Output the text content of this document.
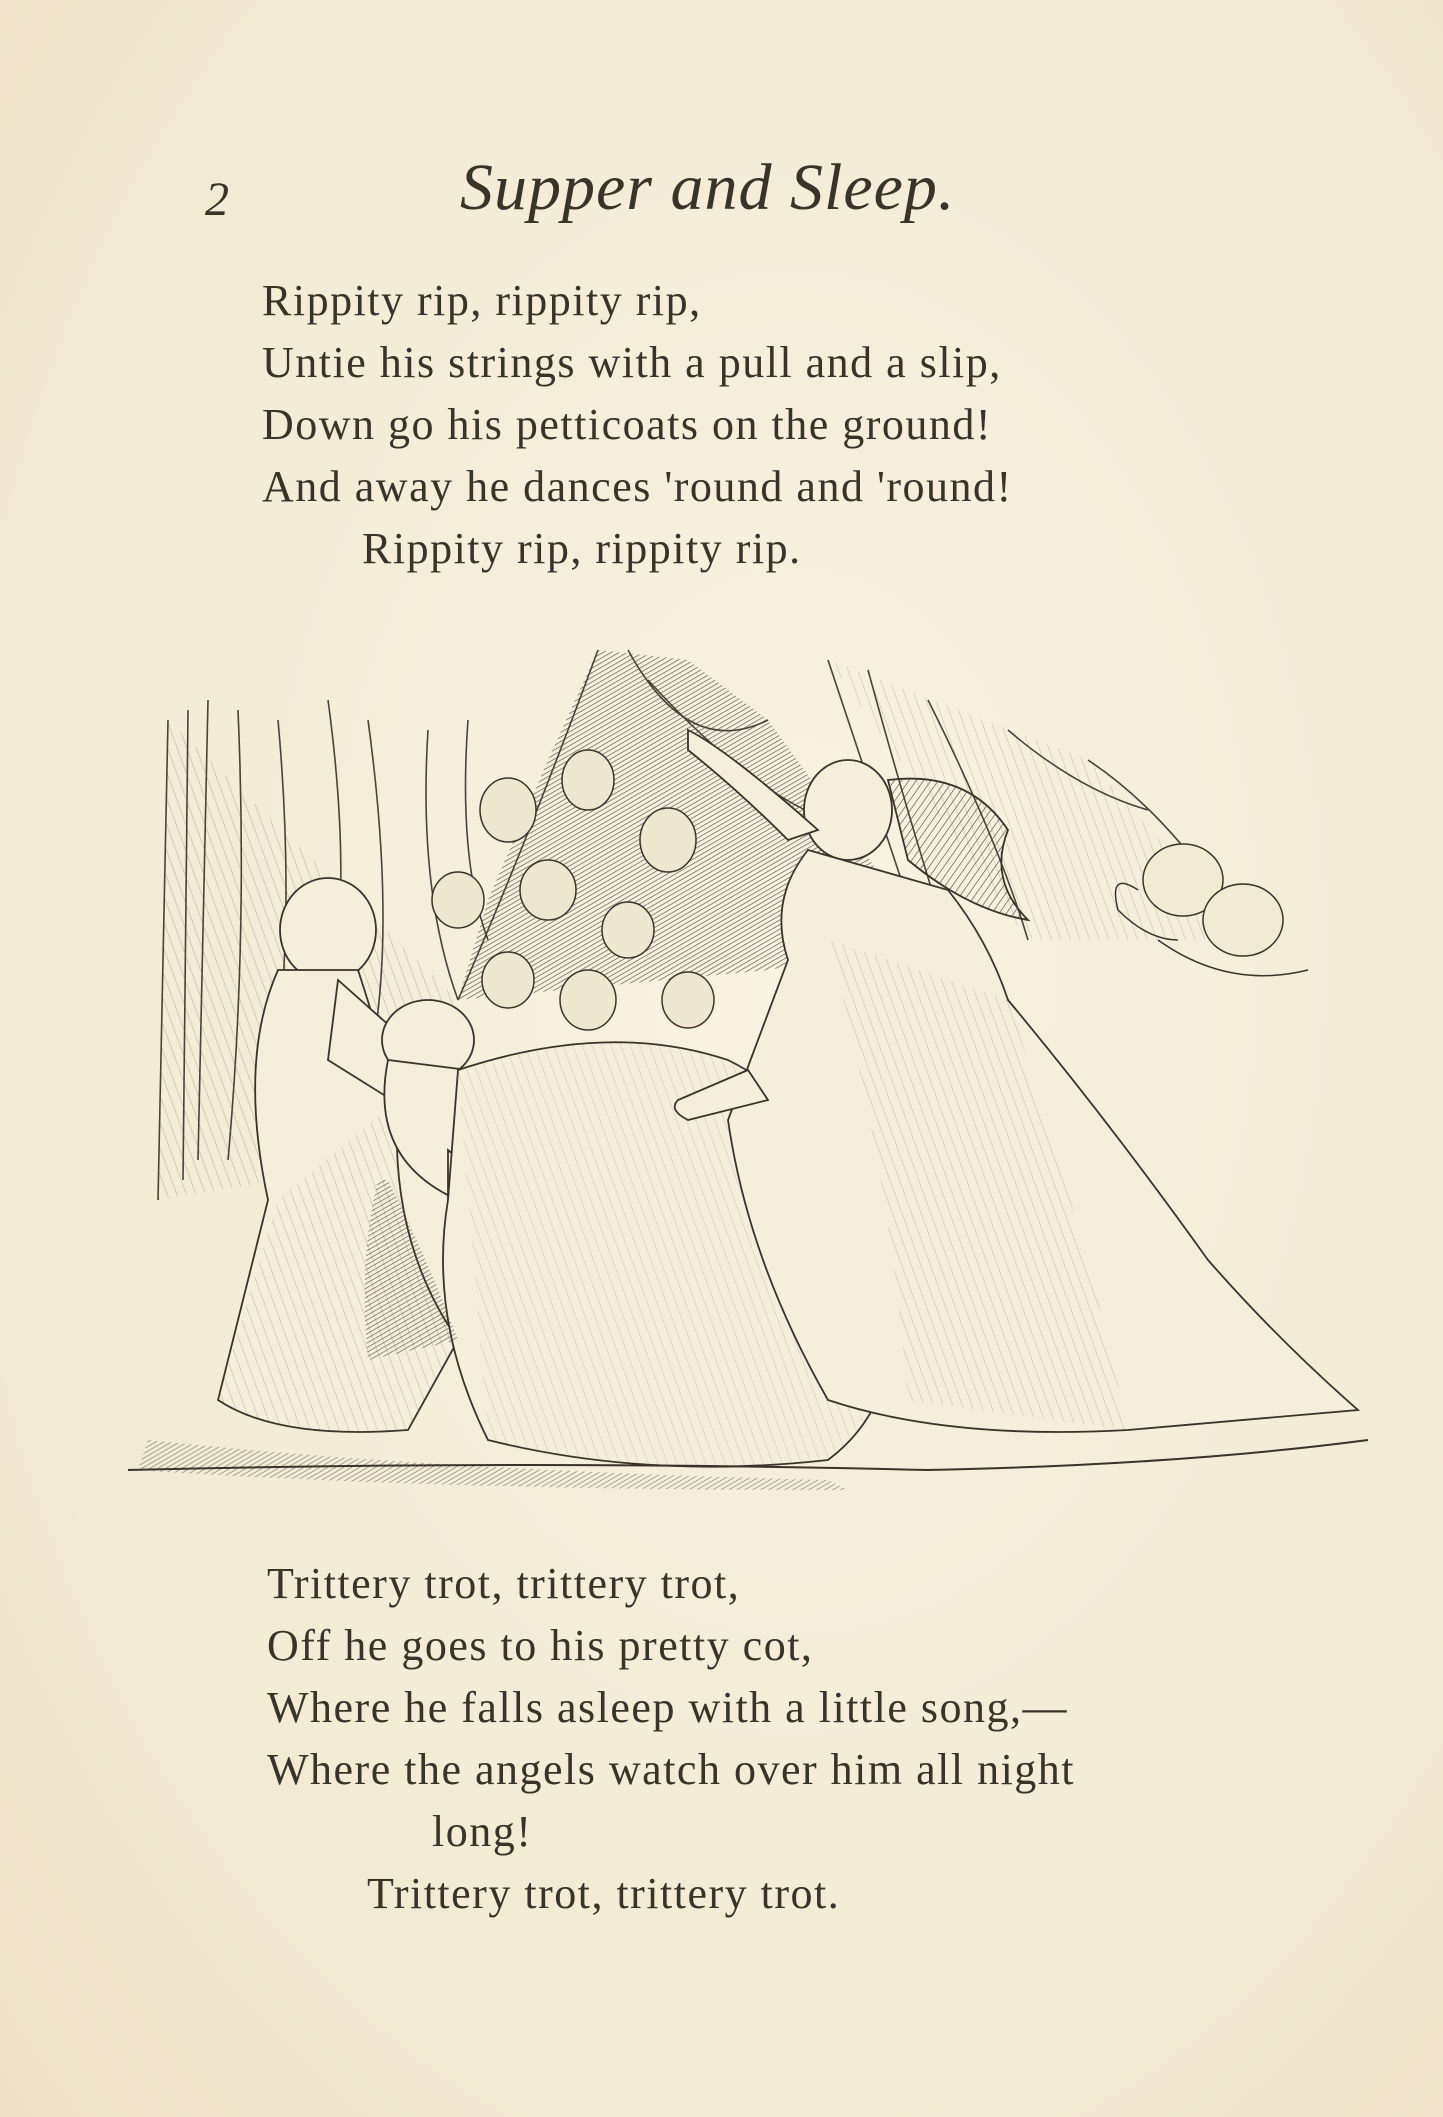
2	Supper and Sleep.
Rippity rip, rippity rip,
Untie his strings with a pull and a slip,
Down go his petticoats on the ground!
And away he dances 'round and 'round!
Rippity rip, rippity rip.
Trittery trot, trittery trot,
Off he goes to his pretty cot,
Where he falls asleep with a little song,—
Where the angels watch over him all night
long!
Trittery trot, trittery trot.
